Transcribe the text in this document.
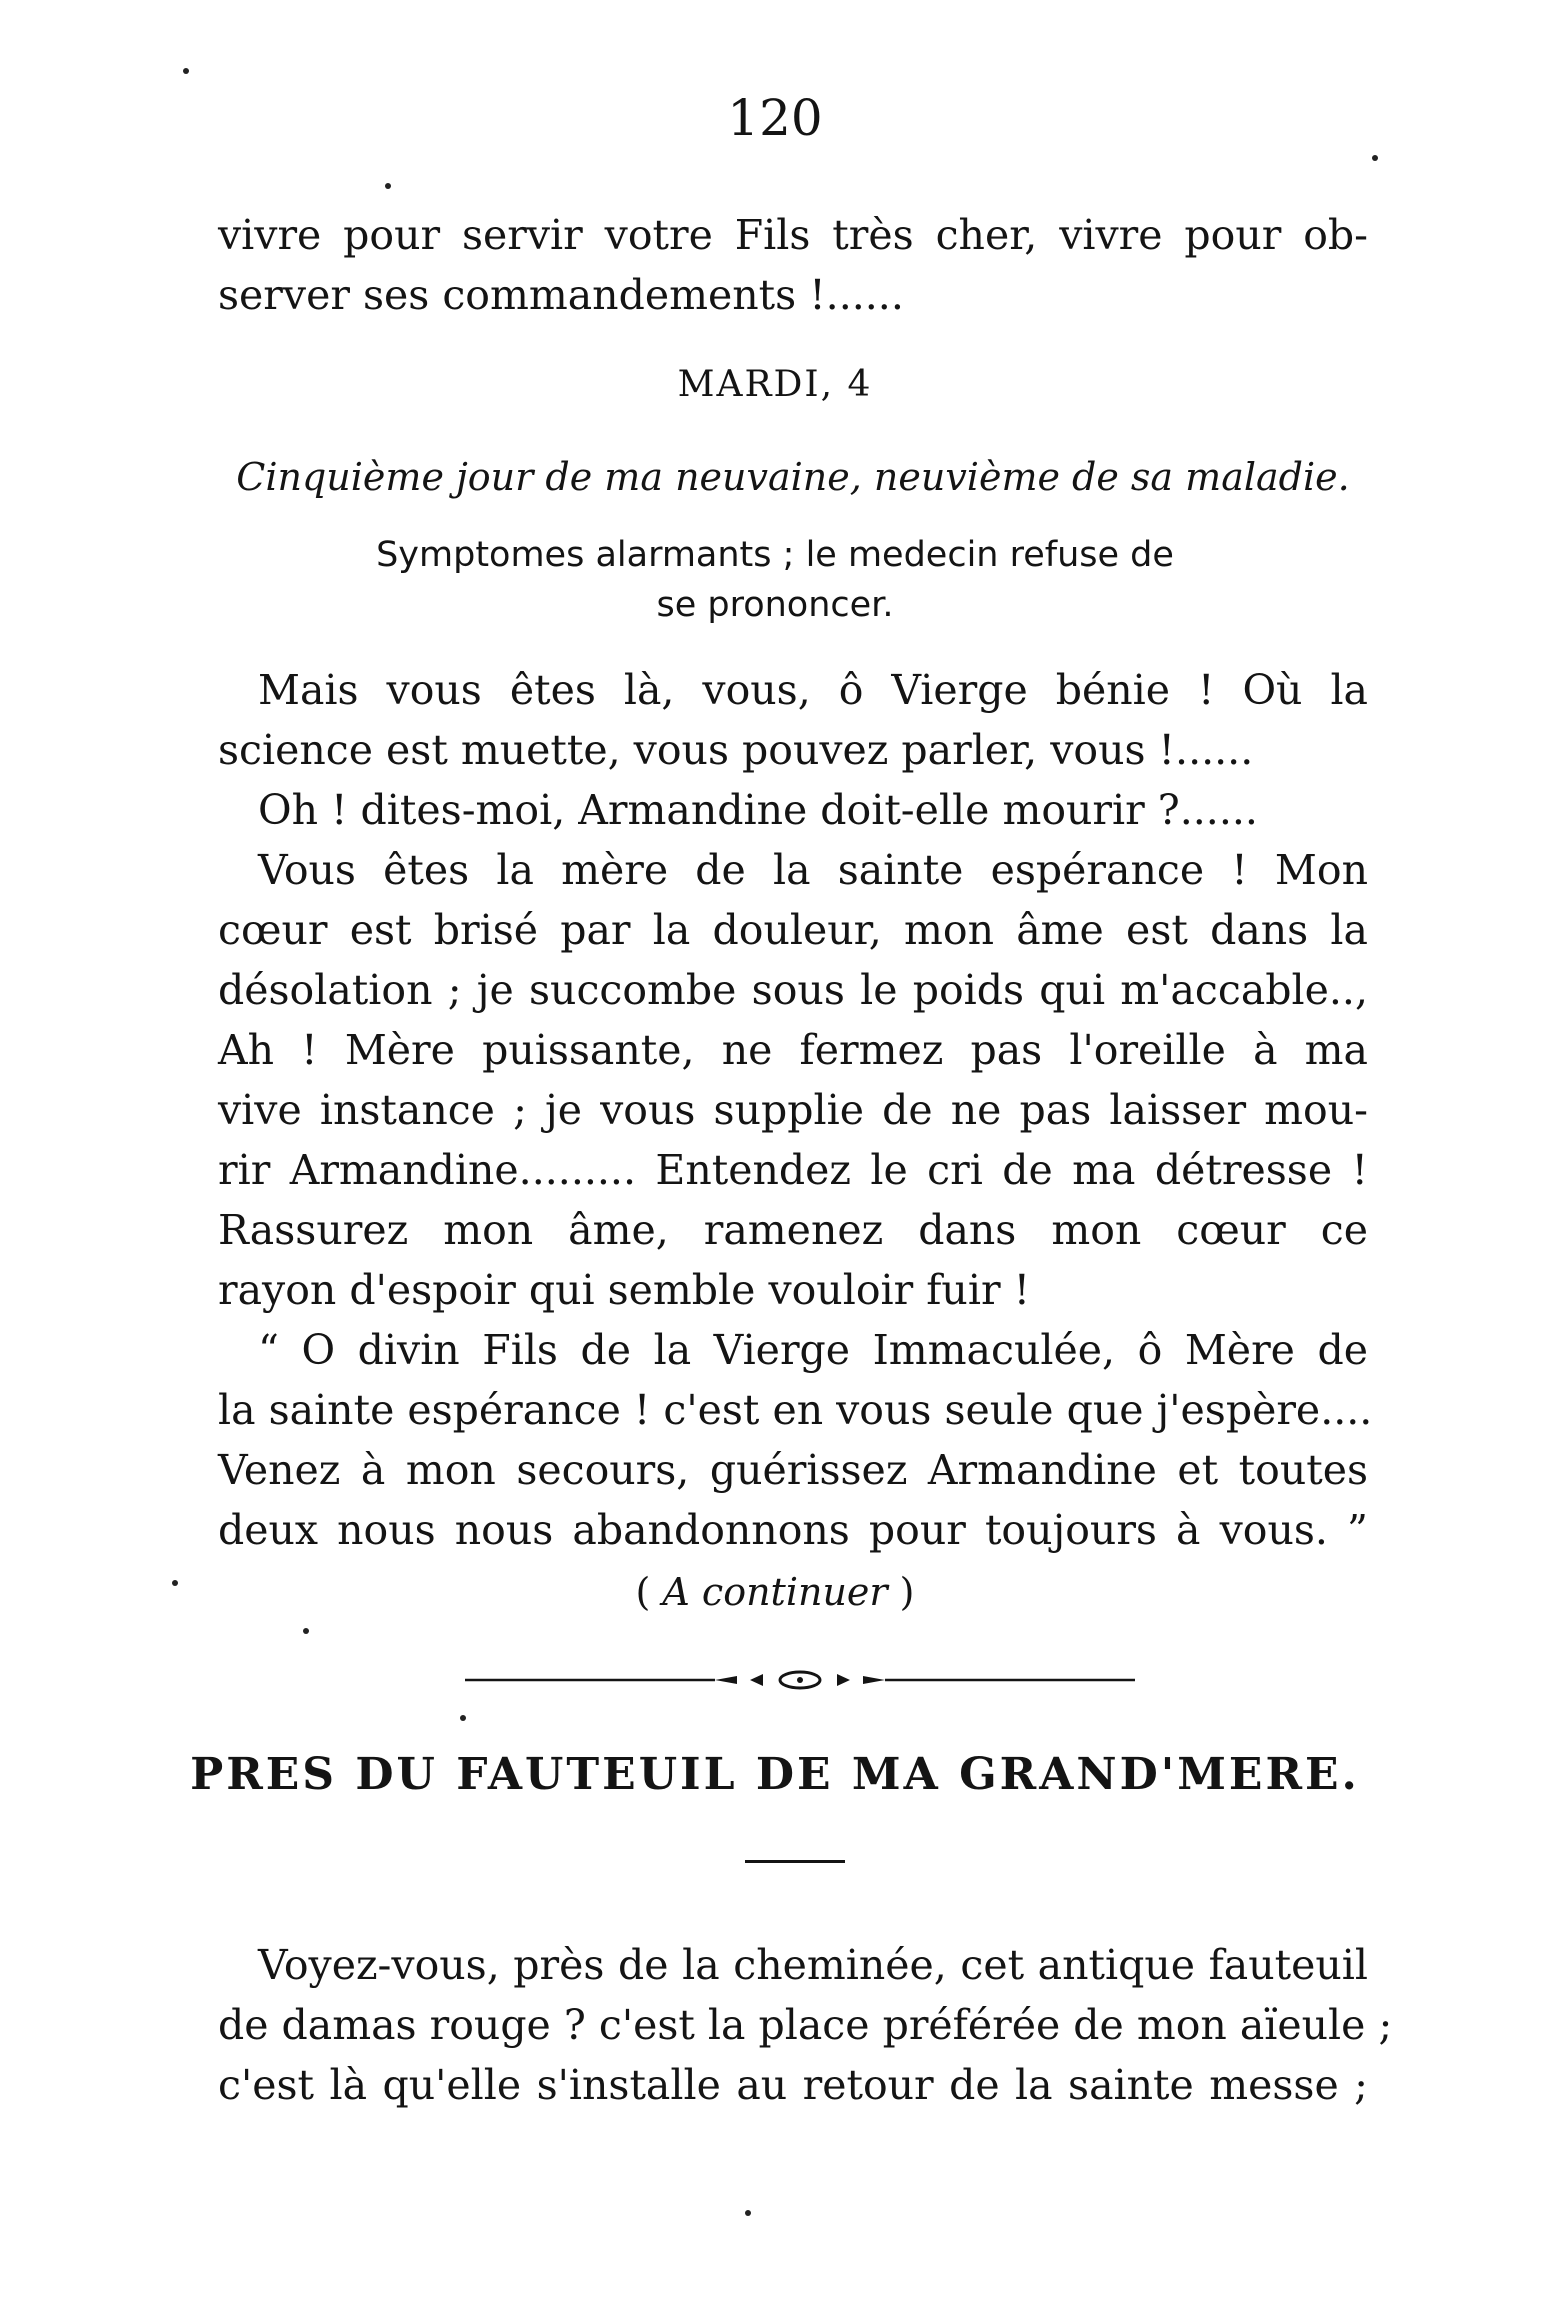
120
vivre pour servir votre Fils très cher, vivre pour ob-
server ses commandements !......
MARDI, 4
Cinquième jour de ma neuvaine, neuvième de sa maladie.
Symptomes alarmants ; le medecin refuse de
se prononcer.
Mais vous êtes là, vous, ô Vierge bénie ! Où la
science est muette, vous pouvez parler, vous !......
Oh ! dites-moi, Armandine doit-elle mourir ?......
Vous êtes la mère de la sainte espérance ! Mon
cœur est brisé par la douleur, mon âme est dans la
désolation ; je succombe sous le poids qui m'accable..,
Ah ! Mère puissante, ne fermez pas l'oreille à ma
vive instance ; je vous supplie de ne pas laisser mou-
rir Armandine......... Entendez le cri de ma détresse !
Rassurez mon âme, ramenez dans mon cœur ce
rayon d'espoir qui semble vouloir fuir !
“ O divin Fils de la Vierge Immaculée, ô Mère de
la sainte espérance ! c'est en vous seule que j'espère....
Venez à mon secours, guérissez Armandine et toutes
deux nous nous abandonnons pour toujours à vous. ”
( A continuer )
PRES DU FAUTEUIL DE MA GRAND'MERE.
Voyez-vous, près de la cheminée, cet antique fauteuil
de damas rouge ? c'est la place préférée de mon aïeule ;
c'est là qu'elle s'installe au retour de la sainte messe ;
